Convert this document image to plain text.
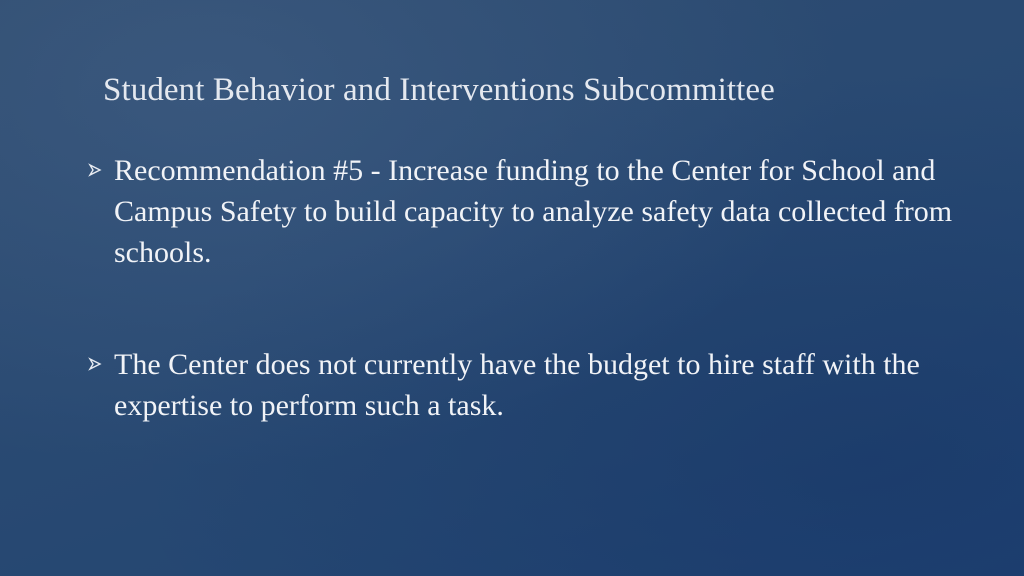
Student Behavior and Interventions Subcommittee
Recommendation #5 - Increase funding to the Center for School and Campus Safety to build capacity to analyze safety data collected from schools.
The Center does not currently have the budget to hire staff with the expertise to perform such a task.
